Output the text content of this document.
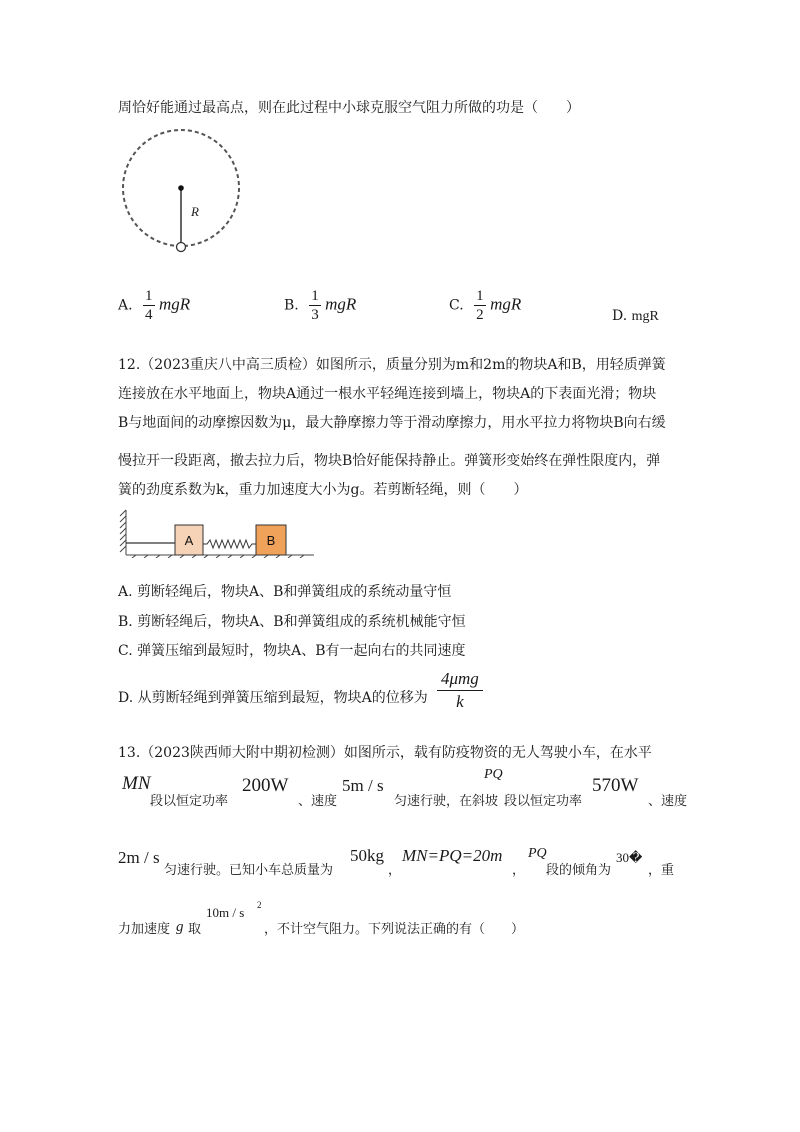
周恰好能通过最高点，则在此过程中小球克服空气阻力所做的功是（　　）
R
A. $\frac{1}{4}$ mgR	B. $\frac{1}{3}$ mgR	C. $\frac{1}{2}$ mgR
D. mgR
12.（2023重庆八中高三质检）如图所示，质量分别为m和2m的物块A和B，用轻质弹簧
连接放在水平地面上，物块A通过一根水平轻绳连接到墙上，物块A的下表面光滑；物块
B与地面间的动摩擦因数为μ，最大静摩擦力等于滑动摩擦力，用水平拉力将物块B向右缓
慢拉开一段距离，撤去拉力后，物块B恰好能保持静止。弹簧形变始终在弹性限度内，弹
簧的劲度系数为k，重力加速度大小为g。若剪断轻绳，则（　　）
A	B
A. 剪断轻绳后，物块A、B和弹簧组成的系统动量守恒
B. 剪断轻绳后，物块A、B和弹簧组成的系统机械能守恒
C. 弹簧压缩到最短时，物块A、B有一起向右的共同速度
D. 从剪断轻绳到弹簧压缩到最短，物块A的位移为 $\frac{\text{4μmg}}{k}$
13.（2023陕西师大附中期初检测）如图所示，载有防疫物资的无人驾驶小车，在水平
MN
段以恒定功率
200W
、速度
5m / s
匀速行驶，在斜坡
PQ
段以恒定功率
570W
、速度
2m / s
匀速行驶。已知小车总质量为
50kg
，
MN=PQ=20m
，
PQ
段的倾角为
30�
，重
力加速度 g 取
10m / s 2
，不计空气阻力。下列说法正确的有（　　）
